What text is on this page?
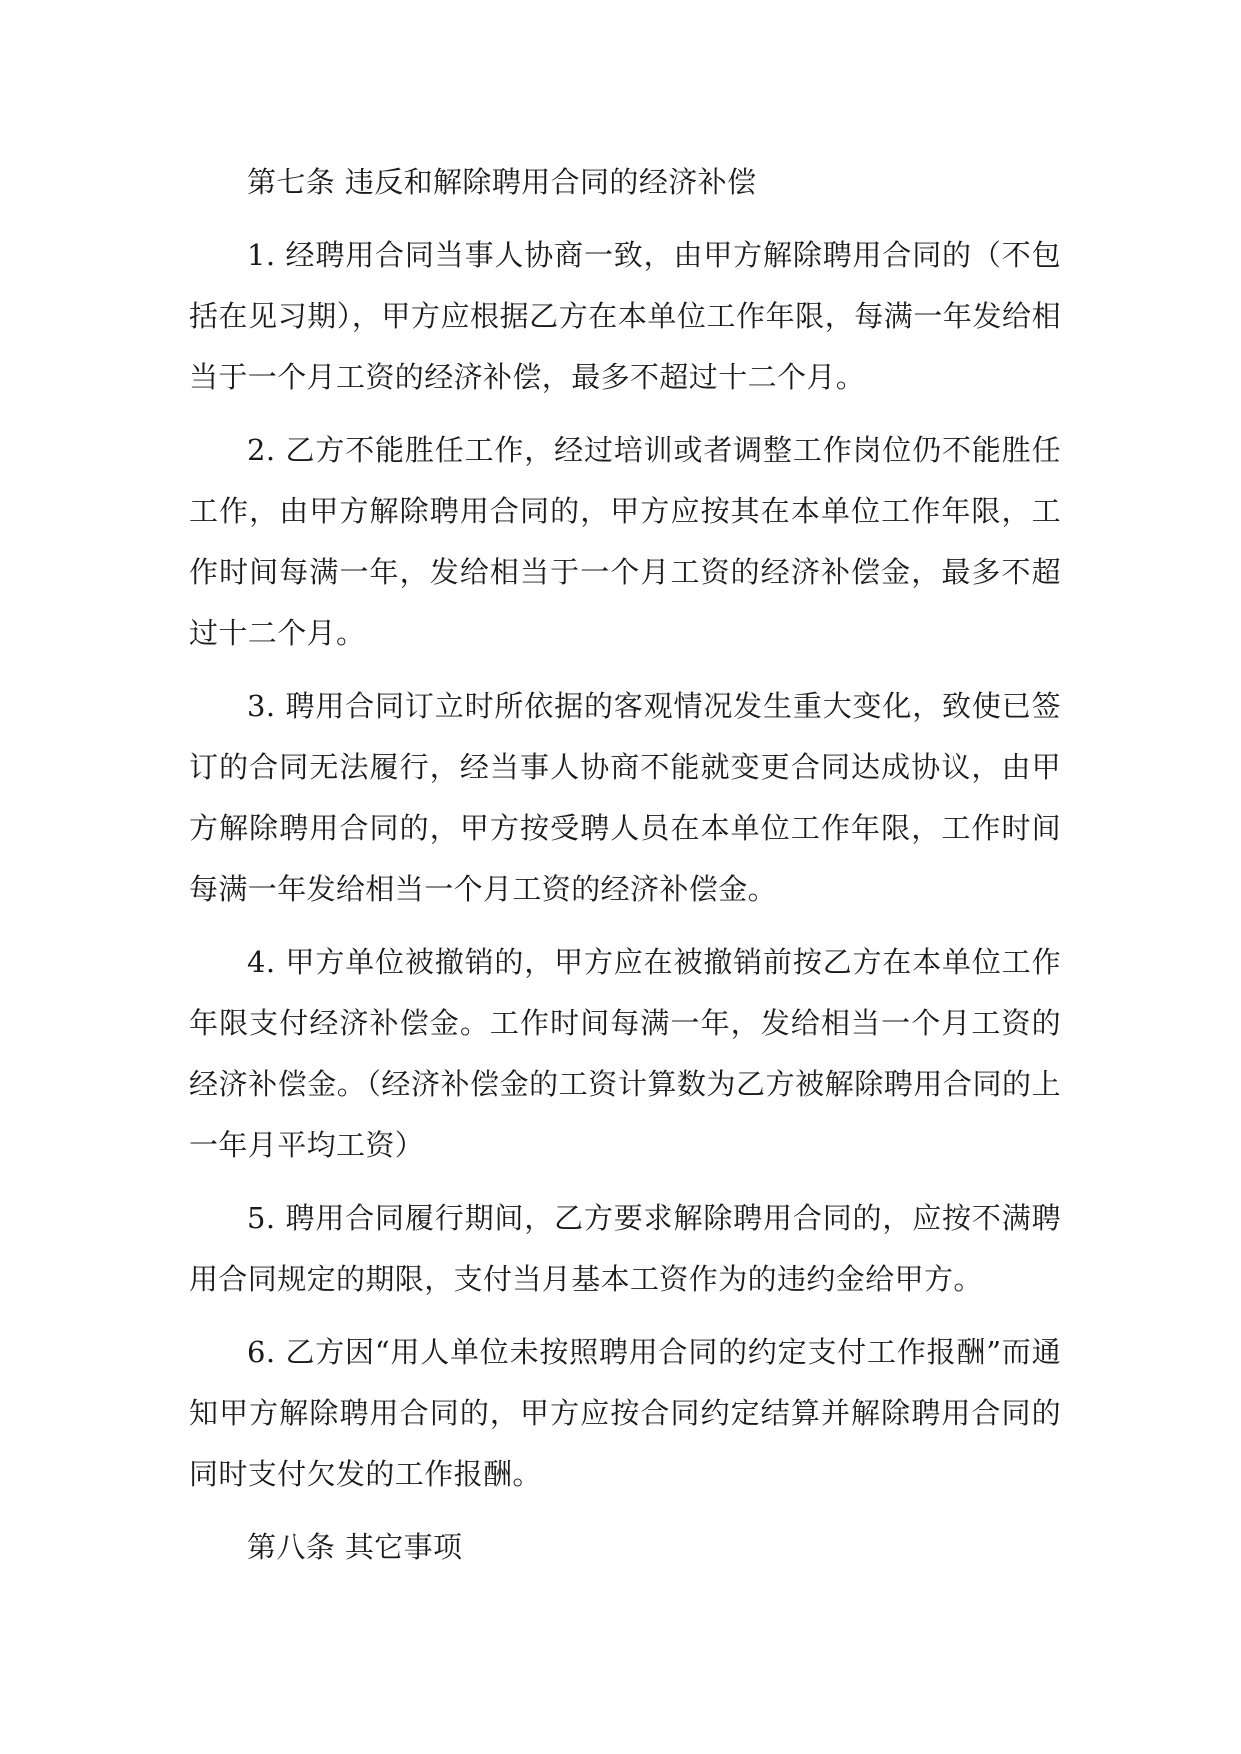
第七条 违反和解除聘用合同的经济补偿

1. 经聘用合同当事人协商一致，由甲方解除聘用合同的（不包括在见习期），甲方应根据乙方在本单位工作年限，每满一年发给相当于一个月工资的经济补偿，最多不超过十二个月。

2. 乙方不能胜任工作，经过培训或者调整工作岗位仍不能胜任工作，由甲方解除聘用合同的，甲方应按其在本单位工作年限，工作时间每满一年，发给相当于一个月工资的经济补偿金，最多不超过十二个月。

3. 聘用合同订立时所依据的客观情况发生重大变化，致使已签订的合同无法履行，经当事人协商不能就变更合同达成协议，由甲方解除聘用合同的，甲方按受聘人员在本单位工作年限，工作时间每满一年发给相当一个月工资的经济补偿金。

4. 甲方单位被撤销的，甲方应在被撤销前按乙方在本单位工作年限支付经济补偿金。工作时间每满一年，发给相当一个月工资的经济补偿金。（经济补偿金的工资计算数为乙方被解除聘用合同的上一年月平均工资）

5. 聘用合同履行期间，乙方要求解除聘用合同的，应按不满聘用合同规定的期限，支付当月基本工资作为的违约金给甲方。

6. 乙方因“用人单位未按照聘用合同的约定支付工作报酬”而通知甲方解除聘用合同的，甲方应按合同约定结算并解除聘用合同的同时支付欠发的工作报酬。

第八条 其它事项
